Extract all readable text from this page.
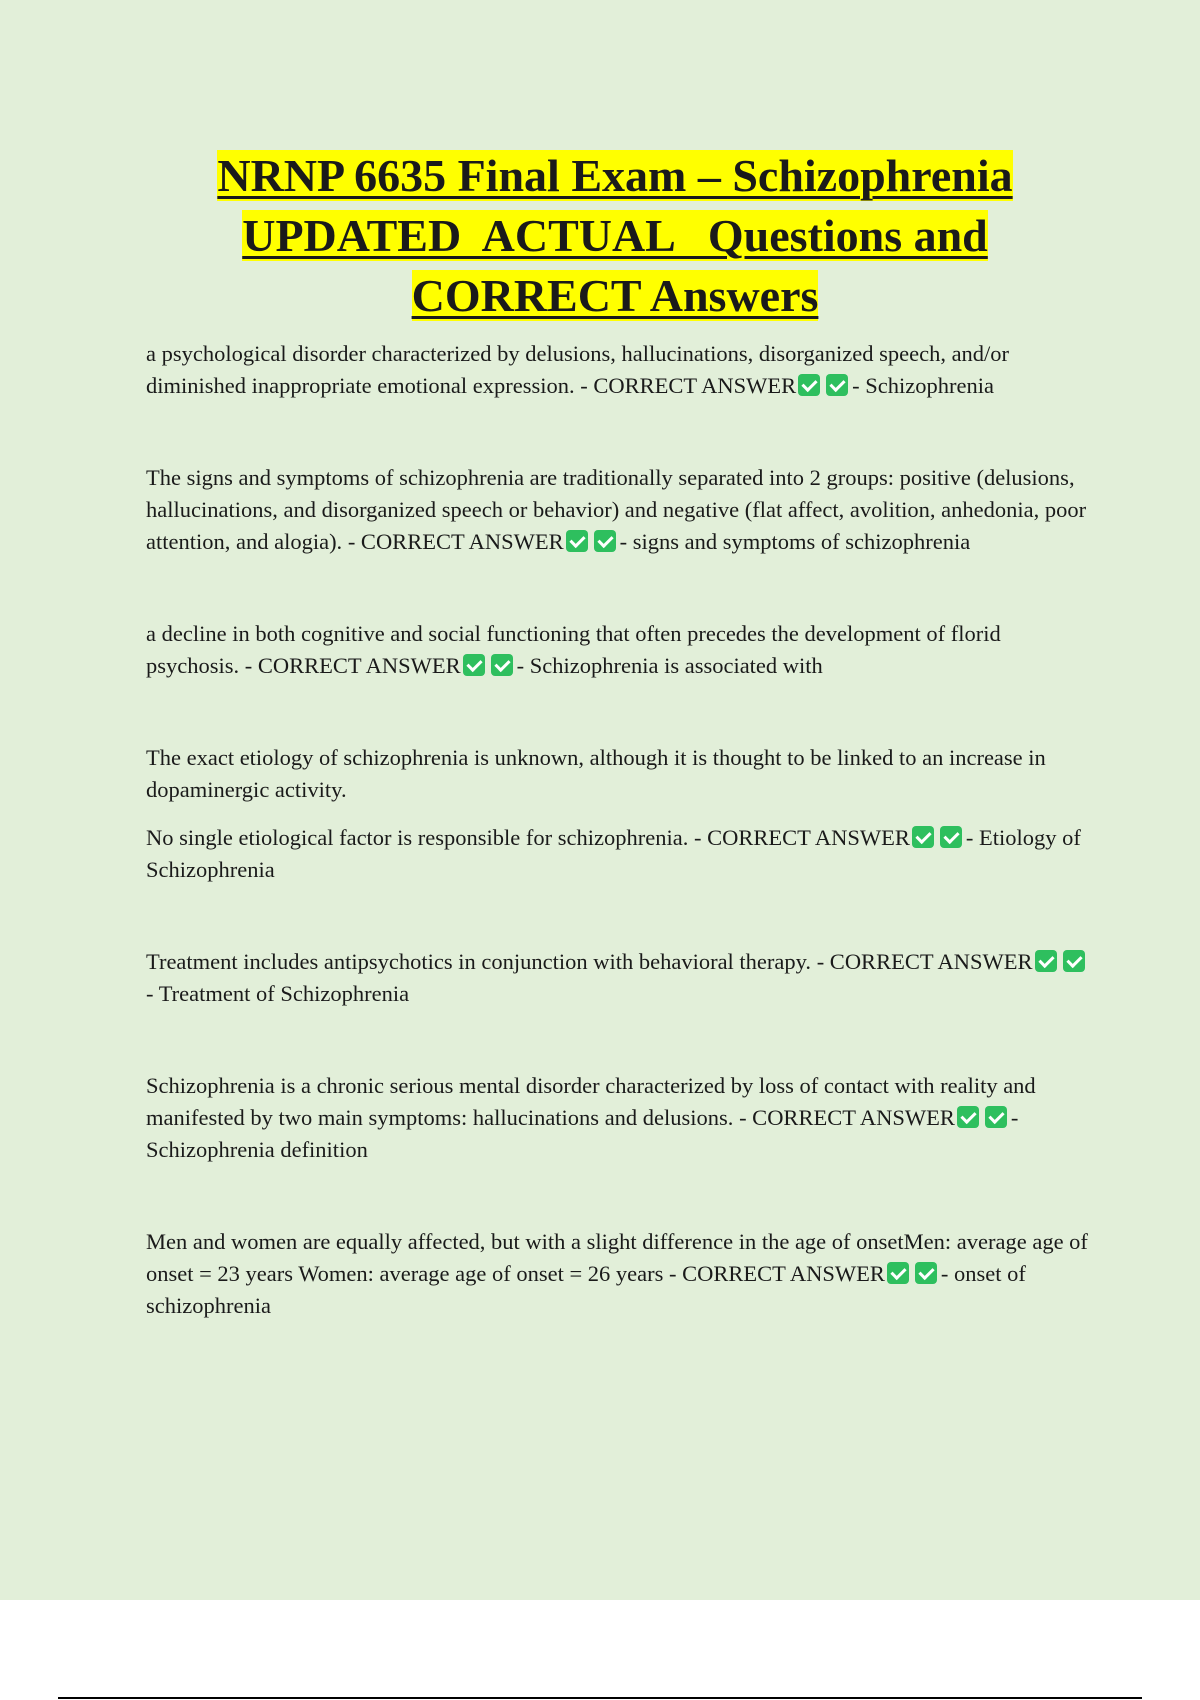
NRNP 6635 Final Exam – Schizophrenia
UPDATED  ACTUAL   Questions and
CORRECT Answers

a psychological disorder characterized by delusions, hallucinations, disorganized speech, and/or diminished inappropriate emotional expression. - CORRECT ANSWER - Schizophrenia

The signs and symptoms of schizophrenia are traditionally separated into 2 groups: positive (delusions, hallucinations, and disorganized speech or behavior) and negative (flat affect, avolition, anhedonia, poor attention, and alogia). - CORRECT ANSWER - signs and symptoms of schizophrenia

a decline in both cognitive and social functioning that often precedes the development of florid psychosis. - CORRECT ANSWER - Schizophrenia is associated with

The exact etiology of schizophrenia is unknown, although it is thought to be linked to an increase in dopaminergic activity.

No single etiological factor is responsible for schizophrenia. - CORRECT ANSWER - Etiology of Schizophrenia

Treatment includes antipsychotics in conjunction with behavioral therapy. - CORRECT ANSWER- Treatment of Schizophrenia

Schizophrenia is a chronic serious mental disorder characterized by loss of contact with reality and manifested by two main symptoms: hallucinations and delusions. - CORRECT ANSWER - Schizophrenia definition

Men and women are equally affected, but with a slight difference in the age of onsetMen: average age of onset = 23 years Women: average age of onset = 26 years - CORRECT ANSWER - onset of schizophrenia
